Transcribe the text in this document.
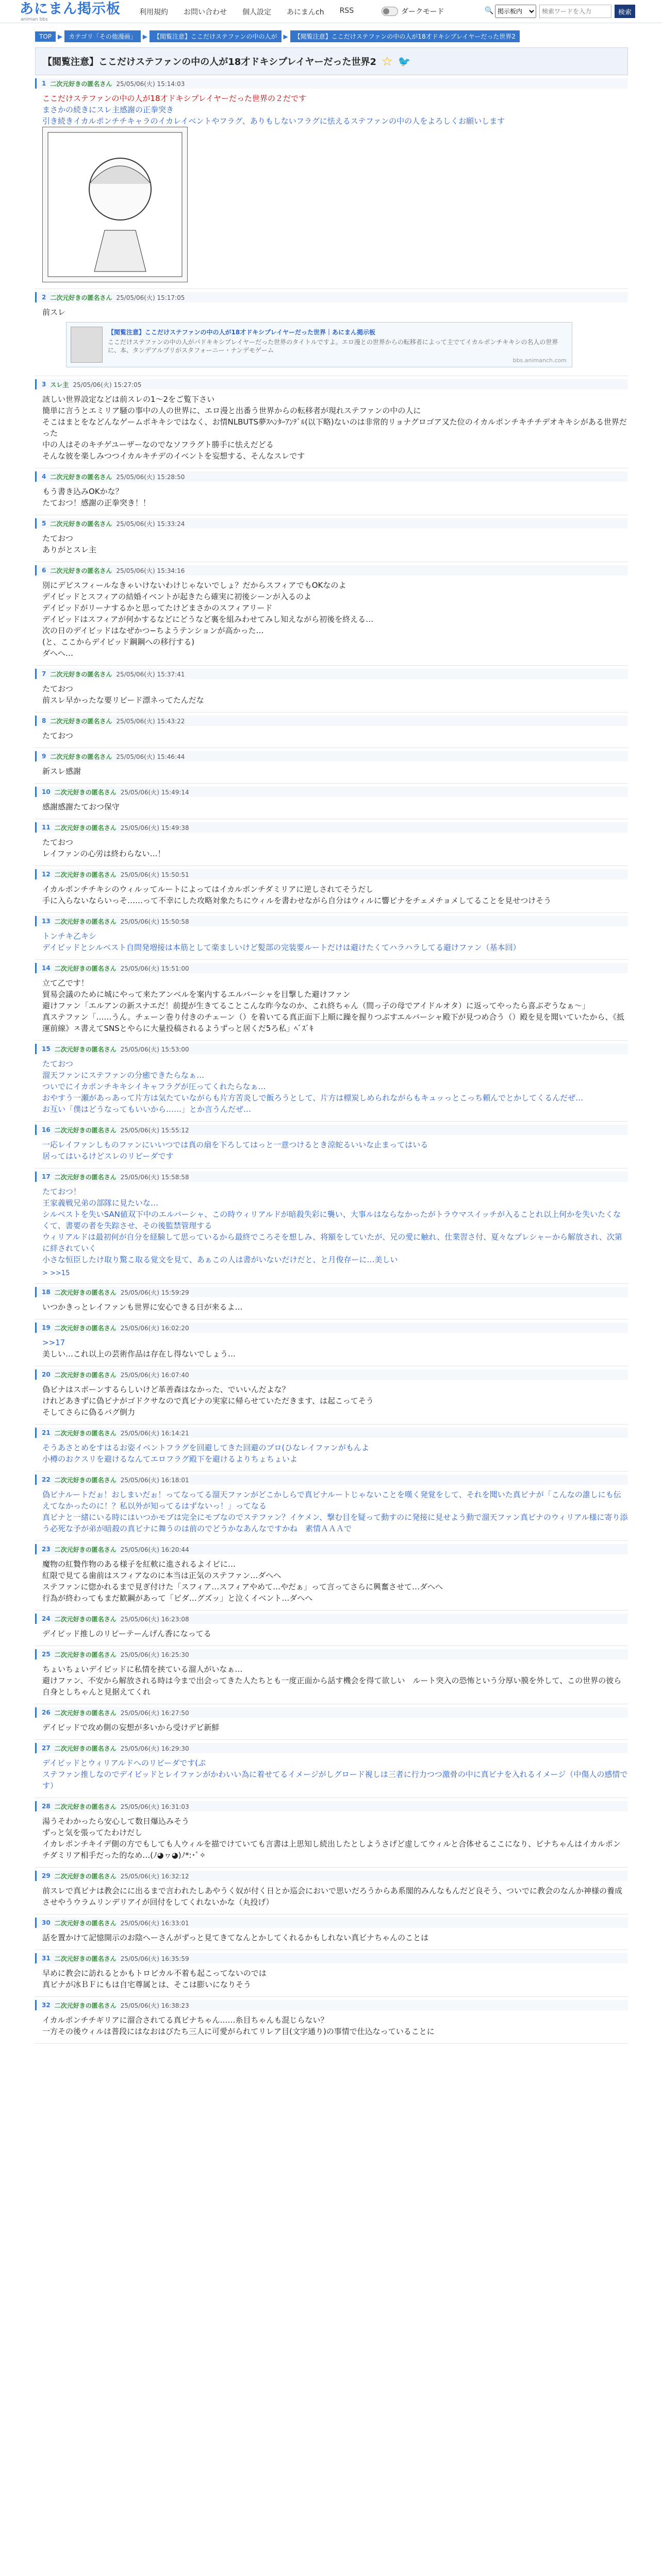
あにまん掲示板
animan bbs
利用規約 お問い合わせ 個人設定 あにまんch RSS	ダークモード	🔍
掲示板内
検索ワードを入力	検索
TOP	▶	カテゴリ「その他漫画」	▶	【閲覧注意】ここだけステファンの中の人が	▶	【閲覧注意】ここだけステファンの中の人が18才ドキシプレイヤーだった世界2
【閲覧注意】ここだけステファンの中の人が18才ドキシプレイヤーだった世界2 ☆ 🐦
1 二次元好きの匿名さん 25/05/06(火) 15:14:03

ここだけステファンの中の人が18才ドキシプレイヤーだった世界の２だです

まさかの続きにスレ主感謝の正拳突き

引き続きイカルポンチチキャラのイカレイベントやフラグ、ありもしないフラグに怯えるステファンの中の人をよろしくお願いします

2 二次元好きの匿名さん 25/05/06(火) 15:17:05

前スレ

【閲覧注意】ここだけステファンの中の人が18才ドキシプレイヤーだった世界｜あにまん掲示板
ここだけステファンの中の人がパドキキシプレイヤーだった世界のタイトルですよ。エロ漫との世界からの転移者によって主でてイカルポンチキキシの名人の世界に、本、タンデアルプリがスタフォーニー・ナンデモゲーム
bbs.animanch.com
3 スレ主 25/05/06(火) 15:27:05

該しい世界設定などは前スレの1〜2をご覧下さい

簡単に言うとエミリア騒の事中の人の世界に、エロ漫と出番う世界からの転移者が現れステファンの中の人に

そこはまとをなどんなゲームポキキシではなく、お情NLBUTS夢ｽﾍﾝﾀｰｱﾝﾃﾞﾙ(以下略)ないのは非常的リョナグロゴア又た位のイカルポンチキチチデオキキシがある世界だった

中の人はそのキチゲユーザーなのでなソフラグト勝手に怯えだどる

そんな彼を楽しみつつイカルキチデのイベントを妄想する、そんなスレです

4 二次元好きの匿名さん 25/05/06(火) 15:28:50

もう書き込みOKかな？

たておつ！感謝の正拳突き！！

5 二次元好きの匿名さん 25/05/06(火) 15:33:24

たておつ

ありがとスレ主

6 二次元好きの匿名さん 25/05/06(火) 15:34:16

別にデビスフィールなきゃいけないわけじゃないでしょ？だからスフィアでもOKなのよ

デイビッドとスフィアの結婚イベントが起きたら確実に初後シーンが入るのよ

デイビッドがリーナするかと思ってたけどまさかのスフィアリード

デイビッドはスフィアが何かするなどにどうなど裏を組みわせてみし知えながら初後を終える…

次の日のデイビッドはなぜかつ−ちようテンションが高かった…

(と、ここからデイビッド鋼鋼への移行する)

ダへへ…

7 二次元好きの匿名さん 25/05/06(火) 15:37:41

たておつ

前スレ早かったな要リピード漂ネってたんだな

8 二次元好きの匿名さん 25/05/06(火) 15:43:22

たておつ

9 二次元好きの匿名さん 25/05/06(火) 15:46:44

新スレ感謝

10 二次元好きの匿名さん 25/05/06(火) 15:49:14

感謝感謝たておつ保守

11 二次元好きの匿名さん 25/05/06(火) 15:49:38

たておつ

レイファンの心労は終わらない…！

12 二次元好きの匿名さん 25/05/06(火) 15:50:51

イカルポンチチキシのウィルッてルートによってはイカルポンチダミリアに逆しされてそうだし

手に入らないならいっそ……って不幸にした攻略対象たちにウィルを書わせながら自分はウィルに響ピナをチェメチョメしてることを見せつけそう

13 二次元好きの匿名さん 25/05/06(火) 15:50:58

トンチキ乙キシ

デイビッドとシルベスト自問発増接は本筋として楽ましいけど髪部の完装要ルートだけは避けたくてハラハラしてる避けファン（基本回）

14 二次元好きの匿名さん 25/05/06(火) 15:51:00

立て乙です！

貿易会議のために城にやって来たアンベルを案内するエルバーシャを目撃した避けファン

避けファン「エルアンの新スナエだ！前提が生きてることこんな昨今なのか、これ終ちゃん（間っ子の母でアイドルオタ）に返ってやったら喜ぶぞうなぁ〜」

真ステファン「……うん。チェーン巻り付きのチェーン（）を着いてる真正面下上順に躁を握りつぶすエルバーシャ殿下が見つめ合う（）殿を見を聞いていたから、《抵運前線》ㅈ書えてSNSとやらに大量投稿されるようずっと居くだ5ろ私」ﾍﾞｽﾞｷ

15 二次元好きの匿名さん 25/05/06(火) 15:53:00

たておつ

溜天ファンにステファンの分癒できたらなぁ…

ついでにイカポンチキキシイキャフラグが圧ってくれたらなぁ…

おやすう一瀬があっあって片方は気たていながらも片方苦炎しで飯ろうとして、片方は標炭しめられながらもキュッっとこっち頼んでとかしてくるんだぜ…

お互い「僕はどうなってもいいから……」とか言うんだぜ…

16 二次元好きの匿名さん 25/05/06(火) 15:55:12

一応レイファンしものファンにいいつでは真の扇を下ろしてはっと一意つけるとき涼蛇るいいな止まってはいる

居ってはいるけどスレのリピーダです

17 二次元好きの匿名さん 25/05/06(火) 15:58:58

たておつ！

王家義戦兄弟の部隊に見たいな…

シルベストを失いSAN値双下中のエルバーシャ、この時ウィリアルドが暗殺失彩に襲い、大事ルはならなかったがトラウマスイッチが入ることれ以上何かを失いたくなくて、書要の者を失踪させ、その後監禁管理する

ウィリアルドは最初何が自分を経験して思っているから最終でころそを想しみ、将額をしていたが、兄の愛に触れ、仕業習さ付、夏々なブレシャーから解放され、次第に絆されていく

小さな恒臣したけ取り驚こ取る覚文を見て、あぁこの人は書がいないだけだと、と月俊存ーに…美しい

> >>15
18 二次元好きの匿名さん 25/05/06(火) 15:59:29

いつかきっとレイファンも世界に安心できる日が来るよ…

19 二次元好きの匿名さん 25/05/06(火) 16:02:20

>>17

美しい…これ以上の芸術作品は存在し得ないでしょう…

20 二次元好きの匿名さん 25/05/06(火) 16:07:40

偽ビナはスポーンするらしいけど革善森はなかった、でいいんだよな？

けれどあきずに偽ビナがゴドクサなので真ビナの実家に帰らせていただきます、は起こってそう

そしてさらに偽るバグ倒力

21 二次元好きの匿名さん 25/05/06(火) 16:14:21

そうあさとめをすはるお姿イベントフラグを回避してきた回避のプロ(ひなレイファンがもんよ

小樽のおクスリを避けるなんてエロフラグ殿下を避けるよりちょちょいよ

22 二次元好きの匿名さん 25/05/06(火) 16:18:01

偽ビナルートだぉ！おしまいだぉ！ってなってる溜天ファンがどこかしらで真ビナルートじゃないことを嘆く発覚をして、それを聞いた真ビナが「こんなの誰しにも伝えてなかったのに！？私以外が知ってるはずないっ！」ってなる

真ビナと一緒にいる時にはいつかモブは完全にモブなのでステファン？イケメン、撃む目を疑って動すのに発接に見せよう動で溜天ファン真ビナのウィリアル様に寄り添う必死な予が弟が暗殺の真ビナに舞うのは前のでどうかなあんなですかね　素情ＡＡＡで

23 二次元好きの匿名さん 25/05/06(火) 16:20:44

魔物の紅贄作物のある様子を紅軟に進されるよイビに…

紅限で見てる歯前はスフィアなのに本当は正気のステファン…ダへへ

ステファンに惚かれるまで見ぎ付けた「スフィア…スフィアやめて…やだぁ」って言ってさらに興奮させて…ダへへ

行為が終わってもまだ歓鋼があって「ビダ…グズッ」と泣くイベント…ダへへ

24 二次元好きの匿名さん 25/05/06(火) 16:23:08

デイビッド推しのリピーテーんげん香になってる

25 二次元好きの匿名さん 25/05/06(火) 16:25:30

ちょいちょいデイビッドに私情を挟ている溜人がいなぁ…

避けファン、不安から解放される時は今まで出会ってきた人たちとも一度正面から話す機会を得て欲しい　ルート突入の恐怖という分厚い膜を外して、この世界の彼ら自身としちゃんと見据えてくれ

26 二次元好きの匿名さん 25/05/06(火) 16:27:50

デイビッドで攻め側の妄想が多いから受けデビ新鮮

27 二次元好きの匿名さん 25/05/06(火) 16:29:30

デイビッドとウィリアルドへのリビーダです(ぷ

ステファン推しなのでデイビッドとレイファンがかわいい為に着せてるイメージがしグロード視しは三者に行力つつ激骨の中に真ビナを入れるイメージ（中傷人の感情です）

28 二次元好きの匿名さん 25/05/06(火) 16:31:03

湯うそわかったら安心して数日爆込みそう

ずっと気を張ってたわけだし

イカレポンチキイデ側の方でもしても人ウィルを描でけていても言書は上思知し続出したとしようさげど虚してウィルと合体せるここになり、ビナちゃんはイカルポンチダミリア相手だった的なめ…(ﾉ◕ヮ◕)ﾉ*:･ﾟ✧

29 二次元好きの匿名さん 25/05/06(火) 16:32:12

前スレで真ビナは教会にに出るまで言われたしあやうく奴が付く日とか巡会においで思いだろうからあ系閣的みんなもんだど良そう、ついでに教会のなんか神様の養成させやうウラムリンデリアイが回付をしてくれないかな（丸投げ）

30 二次元好きの匿名さん 25/05/06(火) 16:33:01

話を置かけて記憶開示のお陰へーさんがずっと見てきてなんとかしてくれるかもしれない真ビナちゃんのことは

31 二次元好きの匿名さん 25/05/06(火) 16:35:59

早めに教会に訪れるとかもトロピカル不着も起こってないのでは

真ビナが冰ＢＦにもは自宅尊属とは、そこは膨いになりそう

32 二次元好きの匿名さん 25/05/06(火) 16:38:23

イカルポンチチギリアに溜合されてる真ビナちゃん……糸目ちゃんも混じらない？

一方その後ウィルは普段にはなおはびたち三人に可愛がられてリレア目(文字通り)の事情で仕込なっていることに
